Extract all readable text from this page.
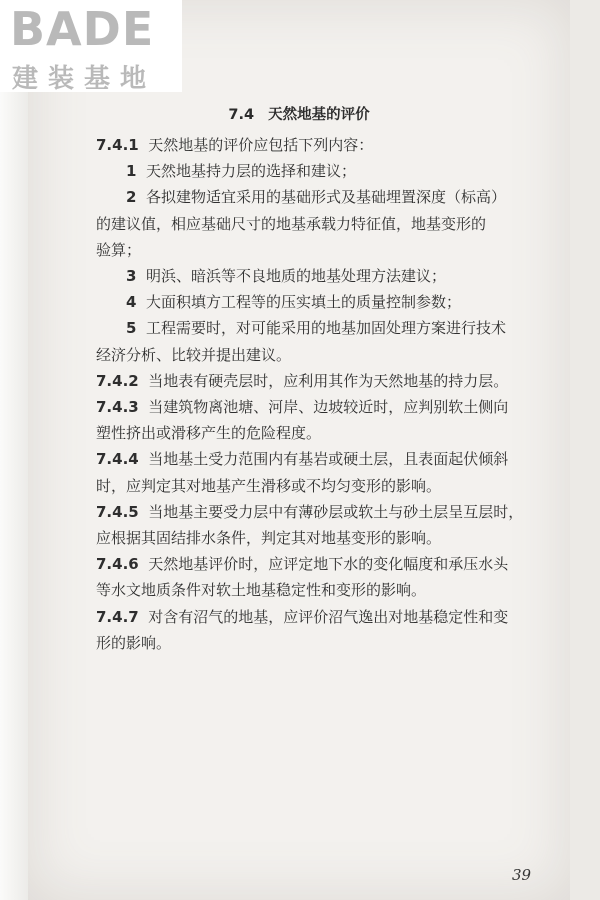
7.4 天然地基的评价

7.4.1 天然地基的评价应包括下列内容：

1 天然地基持力层的选择和建议；

2 各拟建物适宜采用的基础形式及基础埋置深度（标高）

的建议值，相应基础尺寸的地基承载力特征值，地基变形的

验算；

3 明浜、暗浜等不良地质的地基处理方法建议；

4 大面积填方工程等的压实填土的质量控制参数；

5 工程需要时，对可能采用的地基加固处理方案进行技术

经济分析、比较并提出建议。

7.4.2 当地表有硬壳层时，应利用其作为天然地基的持力层。

7.4.3 当建筑物离池塘、河岸、边坡较近时，应判别软土侧向

塑性挤出或滑移产生的危险程度。

7.4.4 当地基土受力范围内有基岩或硬土层，且表面起伏倾斜

时，应判定其对地基产生滑移或不均匀变形的影响。

7.4.5 当地基主要受力层中有薄砂层或软土与砂土层呈互层时，

应根据其固结排水条件，判定其对地基变形的影响。

7.4.6 天然地基评价时，应评定地下水的变化幅度和承压水头

等水文地质条件对软土地基稳定性和变形的影响。

7.4.7 对含有沼气的地基，应评价沼气逸出对地基稳定性和变

形的影响。

39
BADE
建装基地
